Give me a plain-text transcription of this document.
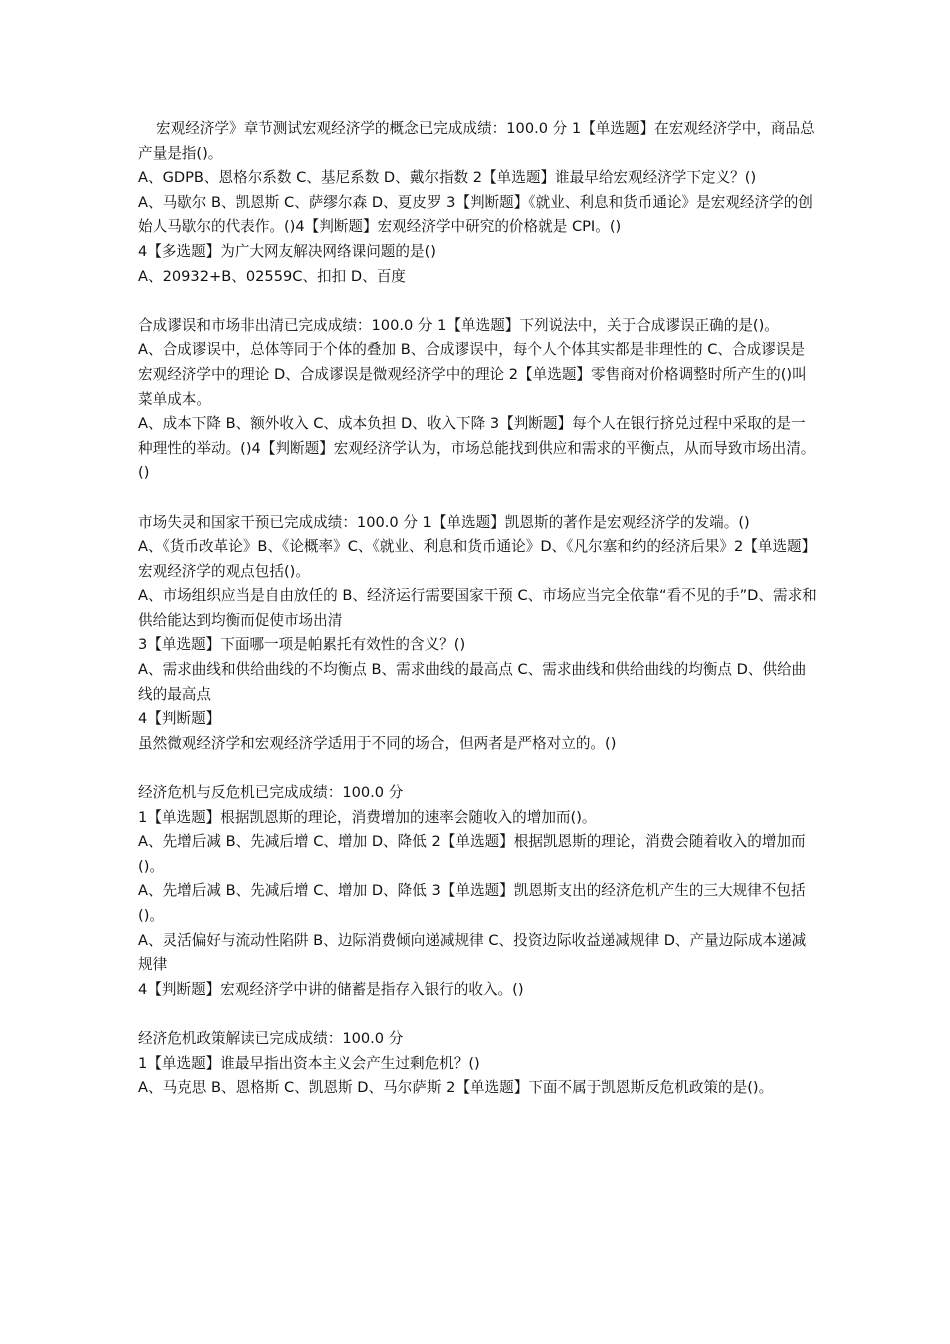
宏观经济学》章节测试宏观经济学的概念已完成成绩：100.0 分 1【单选题】在宏观经济学中，商品总产量是指()。

A、GDPB、恩格尔系数 C、基尼系数 D、戴尔指数 2【单选题】谁最早给宏观经济学下定义？()

A、马歇尔 B、凯恩斯 C、萨缪尔森 D、夏皮罗 3【判断题】《就业、利息和货币通论》是宏观经济学的创始人马歇尔的代表作。()4【判断题】宏观经济学中研究的价格就是 CPI。()

4【多选题】为广大网友解决网络课问题的是()

A、20932+B、02559C、扣扣 D、百度

合成谬误和市场非出清已完成成绩：100.0 分 1【单选题】下列说法中，关于合成谬误正确的是()。

A、合成谬误中，总体等同于个体的叠加 B、合成谬误中，每个人个体其实都是非理性的 C、合成谬误是宏观经济学中的理论 D、合成谬误是微观经济学中的理论 2【单选题】零售商对价格调整时所产生的()叫菜单成本。

A、成本下降 B、额外收入 C、成本负担 D、收入下降 3【判断题】每个人在银行挤兑过程中采取的是一种理性的举动。()4【判断题】宏观经济学认为，市场总能找到供应和需求的平衡点，从而导致市场出清。()

市场失灵和国家干预已完成成绩：100.0 分 1【单选题】凯恩斯的著作是宏观经济学的发端。()

A、《货币改革论》B、《论概率》C、《就业、利息和货币通论》D、《凡尔塞和约的经济后果》2【单选题】宏观经济学的观点包括()。

A、市场组织应当是自由放任的 B、经济运行需要国家干预 C、市场应当完全依靠“看不见的手”D、需求和供给能达到均衡而促使市场出清

3【单选题】下面哪一项是帕累托有效性的含义？()

A、需求曲线和供给曲线的不均衡点 B、需求曲线的最高点 C、需求曲线和供给曲线的均衡点 D、供给曲线的最高点

4【判断题】

虽然微观经济学和宏观经济学适用于不同的场合，但两者是严格对立的。()

经济危机与反危机已完成成绩：100.0 分

1【单选题】根据凯恩斯的理论，消费增加的速率会随收入的增加而()。

A、先增后减 B、先减后增 C、增加 D、降低 2【单选题】根据凯恩斯的理论，消费会随着收入的增加而()。

A、先增后减 B、先减后增 C、增加 D、降低 3【单选题】凯恩斯支出的经济危机产生的三大规律不包括()。

A、灵活偏好与流动性陷阱 B、边际消费倾向递减规律 C、投资边际收益递减规律 D、产量边际成本递减规律

4【判断题】宏观经济学中讲的储蓄是指存入银行的收入。()

经济危机政策解读已完成成绩：100.0 分

1【单选题】谁最早指出资本主义会产生过剩危机？()

A、马克思 B、恩格斯 C、凯恩斯 D、马尔萨斯 2【单选题】下面不属于凯恩斯反危机政策的是()。
